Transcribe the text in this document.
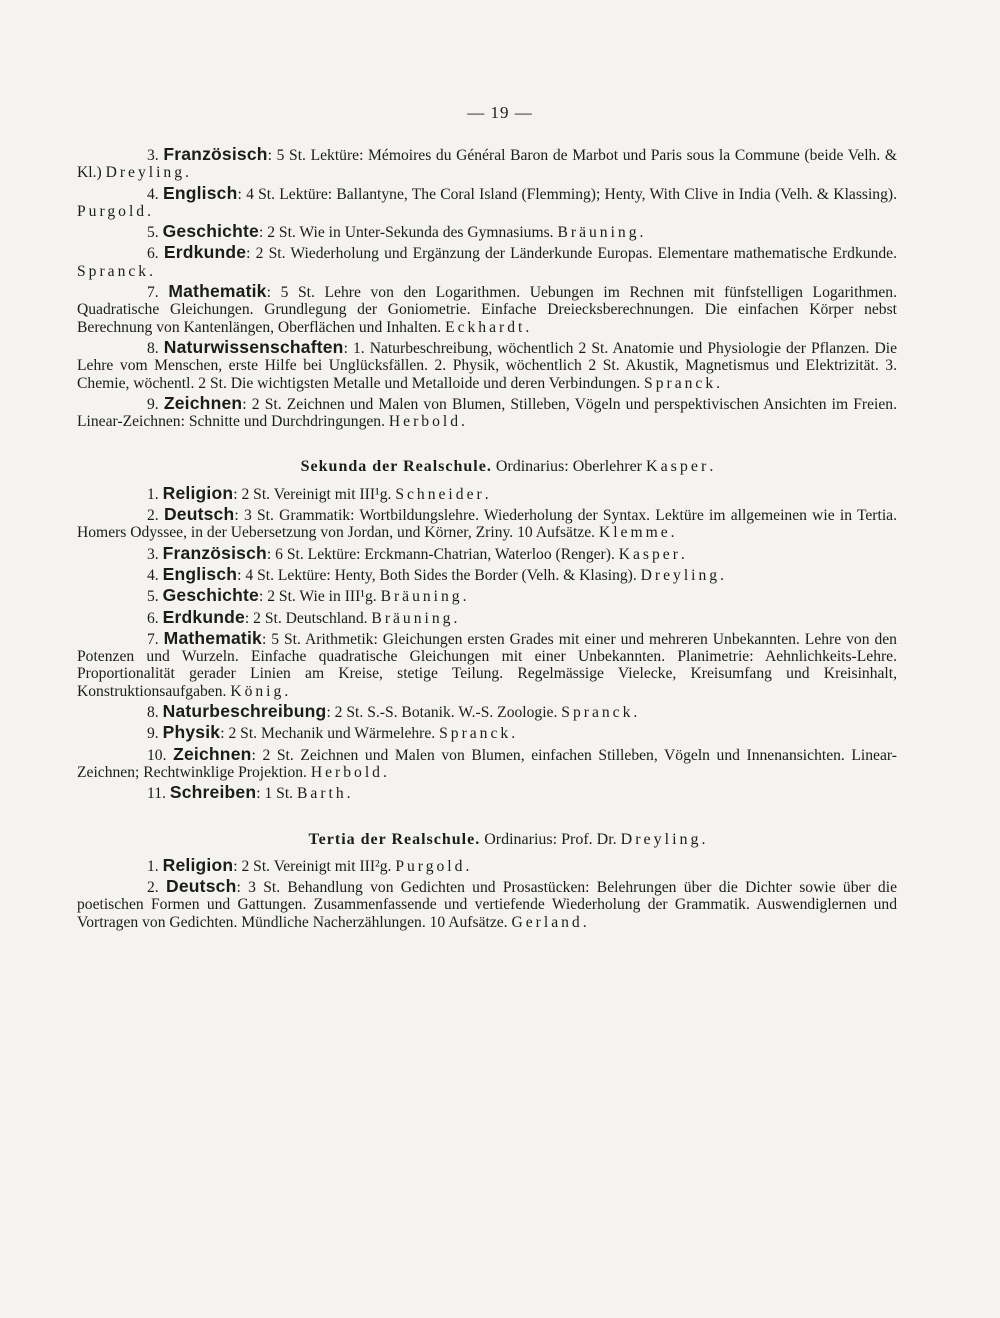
— 19 —

3. Französisch: 5 St. Lektüre: Mémoires du Général Baron de Marbot und Paris sous la Commune (beide Velh. & Kl.) Dreyling.

4. Englisch: 4 St. Lektüre: Ballantyne, The Coral Island (Flemming); Henty, With Clive in India (Velh. & Klassing). Purgold.

5. Geschichte: 2 St. Wie in Unter-Sekunda des Gymnasiums. Bräuning.

6. Erdkunde: 2 St. Wiederholung und Ergänzung der Länderkunde Europas. Elementare mathematische Erdkunde. Spranck.

7. Mathematik: 5 St. Lehre von den Logarithmen. Uebungen im Rechnen mit fünfstelligen Logarithmen. Quadratische Gleichungen. Grundlegung der Goniometrie. Einfache Dreiecksberechnungen. Die einfachen Körper nebst Berechnung von Kantenlängen, Oberflächen und Inhalten. Eckhardt.

8. Naturwissenschaften: 1. Naturbeschreibung, wöchentlich 2 St. Anatomie und Physiologie der Pflanzen. Die Lehre vom Menschen, erste Hilfe bei Unglücksfällen. 2. Physik, wöchentlich 2 St. Akustik, Magnetismus und Elektrizität. 3. Chemie, wöchentl. 2 St. Die wichtigsten Metalle und Metalloide und deren Verbindungen. Spranck.

9. Zeichnen: 2 St. Zeichnen und Malen von Blumen, Stilleben, Vögeln und perspektivischen Ansichten im Freien. Linear-Zeichnen: Schnitte und Durchdringungen. Herbold.

Sekunda der Realschule. Ordinarius: Oberlehrer Kasper.

1. Religion: 2 St. Vereinigt mit III¹g. Schneider.

2. Deutsch: 3 St. Grammatik: Wortbildungslehre. Wiederholung der Syntax. Lektüre im allgemeinen wie in Tertia. Homers Odyssee, in der Uebersetzung von Jordan, und Körner, Zriny. 10 Aufsätze. Klemme.

3. Französisch: 6 St. Lektüre: Erckmann-Chatrian, Waterloo (Renger). Kasper.

4. Englisch: 4 St. Lektüre: Henty, Both Sides the Border (Velh. & Klasing). Dreyling.

5. Geschichte: 2 St. Wie in III¹g. Bräuning.

6. Erdkunde: 2 St. Deutschland. Bräuning.

7. Mathematik: 5 St. Arithmetik: Gleichungen ersten Grades mit einer und mehreren Unbekannten. Lehre von den Potenzen und Wurzeln. Einfache quadratische Gleichungen mit einer Unbekannten. Planimetrie: Aehnlichkeits-Lehre. Proportionalität gerader Linien am Kreise, stetige Teilung. Regelmässige Vielecke, Kreisumfang und Kreisinhalt, Konstruktionsaufgaben. König.

8. Naturbeschreibung: 2 St. S.-S. Botanik. W.-S. Zoologie. Spranck.

9. Physik: 2 St. Mechanik und Wärmelehre. Spranck.

10. Zeichnen: 2 St. Zeichnen und Malen von Blumen, einfachen Stilleben, Vögeln und Innenansichten. Linear-Zeichnen; Rechtwinklige Projektion. Herbold.

11. Schreiben: 1 St. Barth.

Tertia der Realschule. Ordinarius: Prof. Dr. Dreyling.

1. Religion: 2 St. Vereinigt mit III²g. Purgold.

2. Deutsch: 3 St. Behandlung von Gedichten und Prosastücken: Belehrungen über die Dichter sowie über die poetischen Formen und Gattungen. Zusammenfassende und vertiefende Wiederholung der Grammatik. Auswendiglernen und Vortragen von Gedichten. Mündliche Nacherzählungen. 10 Aufsätze. Gerland.
